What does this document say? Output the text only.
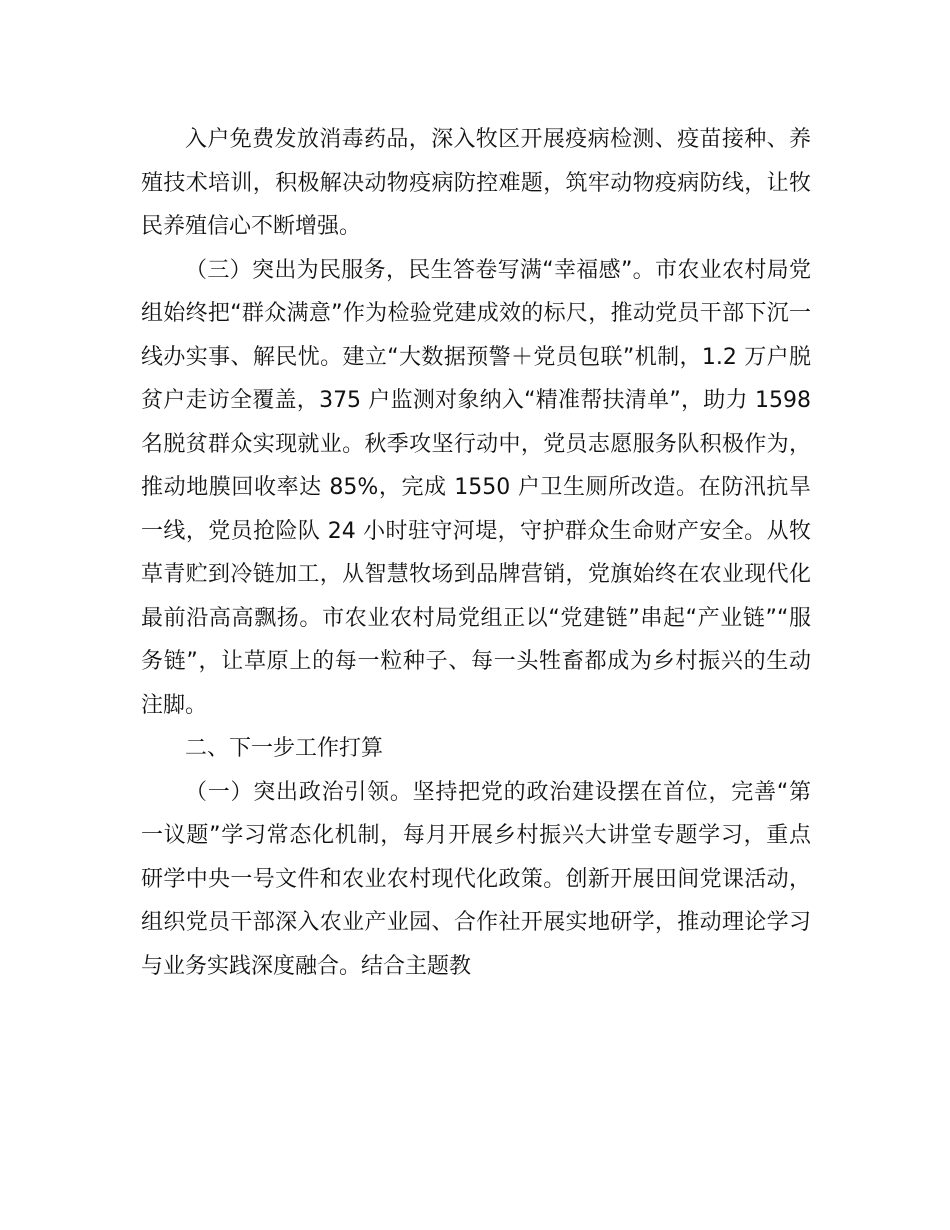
入户免费发放消毒药品，深入牧区开展疫病检测、疫苗接种、养殖技术培训，积极解决动物疫病防控难题，筑牢动物疫病防线，让牧民养殖信心不断增强。

（三）突出为民服务，民生答卷写满“幸福感”。市农业农村局党组始终把“群众满意”作为检验党建成效的标尺，推动党员干部下沉一线办实事、解民忧。建立“大数据预警＋党员包联”机制，1.2 万户脱贫户走访全覆盖，375 户监测对象纳入“精准帮扶清单”，助力 1598 名脱贫群众实现就业。秋季攻坚行动中，党员志愿服务队积极作为，推动地膜回收率达 85%，完成 1550 户卫生厕所改造。在防汛抗旱一线，党员抢险队 24 小时驻守河堤，守护群众生命财产安全。从牧草青贮到冷链加工，从智慧牧场到品牌营销，党旗始终在农业现代化最前沿高高飘扬。市农业农村局党组正以“党建链”串起“产业链”“服务链”，让草原上的每一粒种子、每一头牲畜都成为乡村振兴的生动注脚。

二、下一步工作打算

（一）突出政治引领。坚持把党的政治建设摆在首位，完善“第一议题”学习常态化机制，每月开展乡村振兴大讲堂专题学习，重点研学中央一号文件和农业农村现代化政策。创新开展田间党课活动，组织党员干部深入农业产业园、合作社开展实地研学，推动理论学习与业务实践深度融合。结合主题教
